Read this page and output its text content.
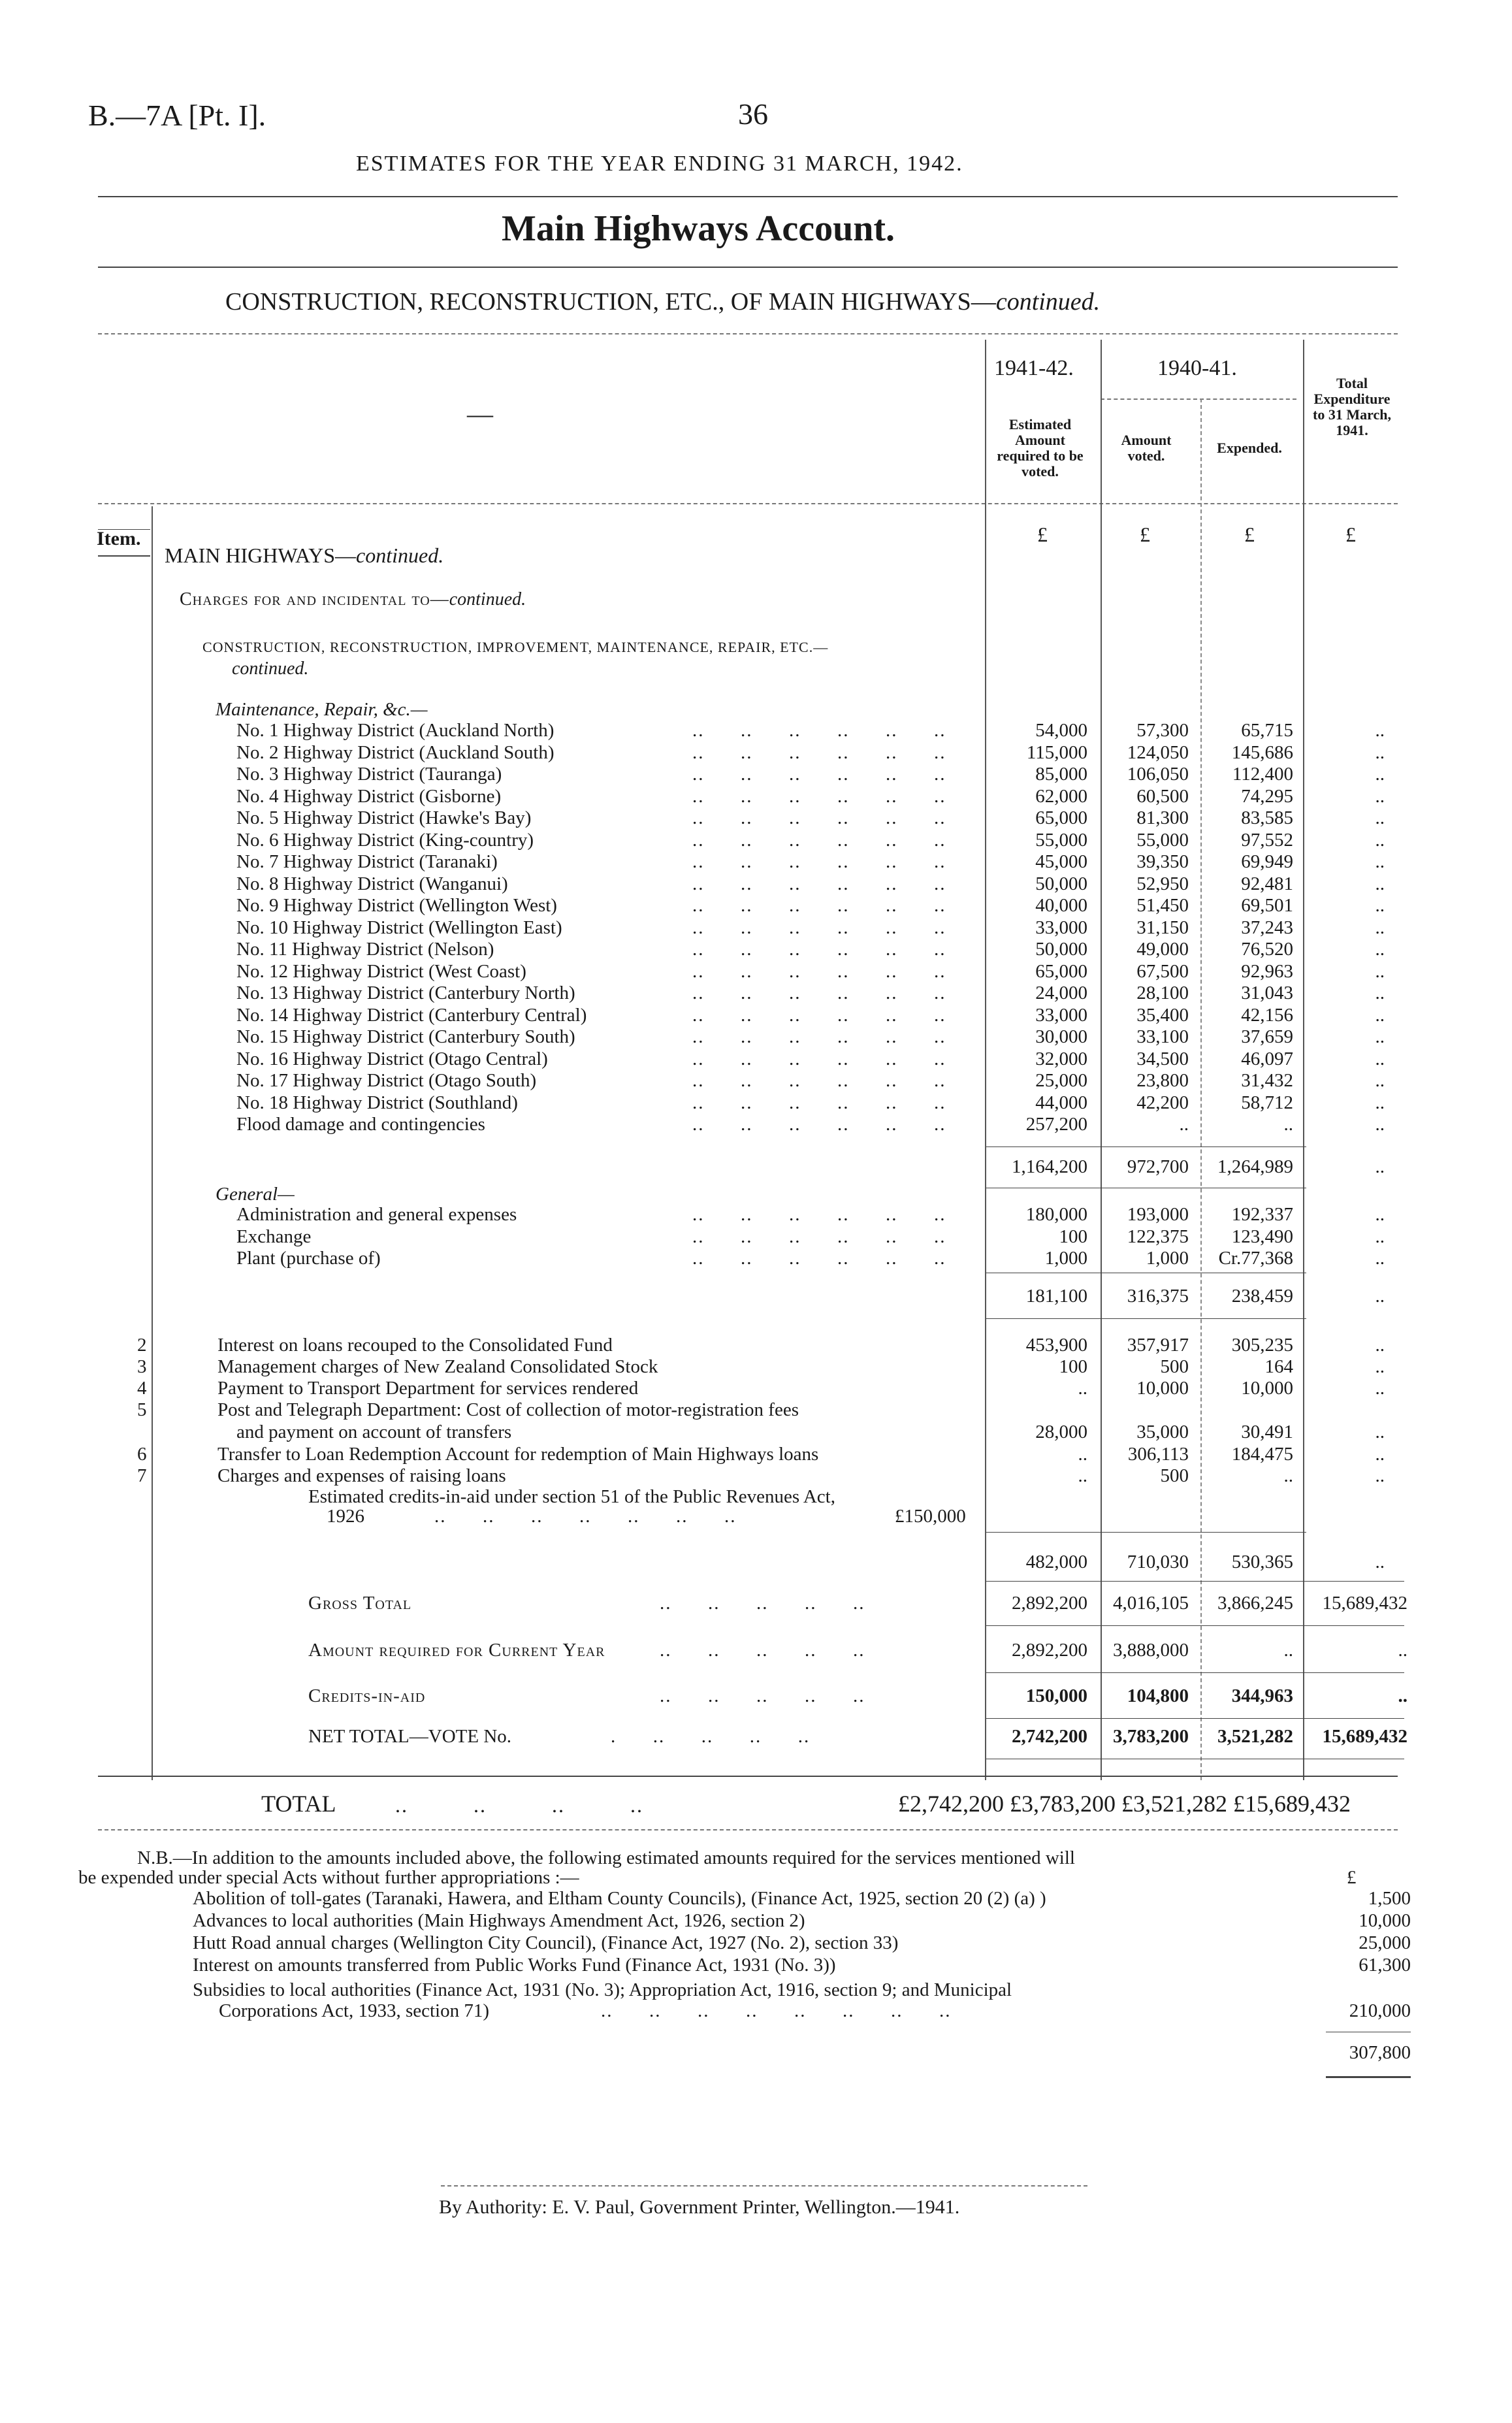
B.—7A [Pt. I].	36
ESTIMATES FOR THE YEAR ENDING 31 MARCH, 1942.
Main Highways Account.
CONSTRUCTION, RECONSTRUCTION, ETC., OF MAIN HIGHWAYS—continued.
—
1941-42.	1940-41.
Estimated Amount required to be voted.
Amount voted.	Expended.
Total Expenditure to 31 March, 1941.
Item.	£	£	£	£
MAIN HIGHWAYS—continued.
Charges for and incidental to—continued.
CONSTRUCTION, RECONSTRUCTION, IMPROVEMENT, MAINTENANCE, REPAIR, ETC.—
continued.
Maintenance, Repair, &c.—
No. 1 Highway District (Auckland North)	..      ..      ..      ..      ..      ..	54,000	57,300	65,715	..
No. 2 Highway District (Auckland South)	..      ..      ..      ..      ..      ..	115,000 124,050 145,686	..
No. 3 Highway District (Tauranga)	..      ..      ..      ..      ..      ..	85,000 106,050 112,400	..
No. 4 Highway District (Gisborne)	..      ..      ..      ..      ..      ..	62,000	60,500	74,295	..
No. 5 Highway District (Hawke's Bay)	..      ..      ..      ..      ..      ..	65,000	81,300	83,585	..
No. 6 Highway District (King-country)	..      ..      ..      ..      ..      ..	55,000	55,000	97,552	..
No. 7 Highway District (Taranaki)	..      ..      ..      ..      ..      ..	45,000	39,350	69,949	..
No. 8 Highway District (Wanganui)	..      ..      ..      ..      ..      ..	50,000	52,950	92,481	..
No. 9 Highway District (Wellington West)	..      ..      ..      ..      ..      ..	40,000	51,450	69,501	..
No. 10 Highway District (Wellington East)	..      ..      ..      ..      ..      ..	33,000	31,150	37,243	..
No. 11 Highway District (Nelson)	..      ..      ..      ..      ..      ..	50,000	49,000	76,520	..
No. 12 Highway District (West Coast)	..      ..      ..      ..      ..      ..	65,000	67,500	92,963	..
No. 13 Highway District (Canterbury North)	..      ..      ..      ..      ..      ..	24,000	28,100	31,043	..
No. 14 Highway District (Canterbury Central)	..      ..      ..      ..      ..      ..	33,000	35,400	42,156	..
No. 15 Highway District (Canterbury South)	..      ..      ..      ..      ..      ..	30,000	33,100	37,659	..
No. 16 Highway District (Otago Central)	..      ..      ..      ..      ..      ..	32,000	34,500	46,097	..
No. 17 Highway District (Otago South)	..      ..      ..      ..      ..      ..	25,000	23,800	31,432	..
No. 18 Highway District (Southland)	..      ..      ..      ..      ..      ..	44,000	42,200	58,712	..
Flood damage and contingencies	..      ..      ..      ..      ..      ..	257,200	..	..	..
1,164,200 972,700 1,264,989	..
General—
Administration and general expenses	..      ..      ..      ..      ..      ..	180,000 193,000 192,337	..
Exchange	..      ..      ..      ..      ..      ..	100 122,375 123,490	..
Plant (purchase of)	..      ..      ..      ..      ..      ..	1,000	1,000 Cr.77,368	..
181,100 316,375 238,459	..
2	Interest on loans recouped to the Consolidated Fund	453,900 357,917 305,235	..
3	Management charges of New Zealand Consolidated Stock	100	500	164	..
4	Payment to Transport Department for services rendered	..	10,000	10,000	..
5	Post and Telegraph Department: Cost of collection of motor-registration fees
and payment on account of transfers	28,000	35,000	30,491	..
6	Transfer to Loan Redemption Account for redemption of Main Highways loans	.. 306,113 184,475	..
7	Charges and expenses of raising loans	..	500	..	..
Estimated credits-in-aid under section 51 of the Public Revenues Act,
1926	..      ..      ..      ..      ..      ..      ..	£150,000
482,000 710,030 530,365	..
Gross Total	..      ..      ..      ..      ..	2,892,200 4,016,105 3,866,245 15,689,432
Amount required for Current Year	..      ..      ..      ..      ..	2,892,200 3,888,000	..	..
Credits-in-aid	..      ..      ..      ..      ..	150,000 104,800 344,963	..
NET TOTAL—VOTE No.	.      ..      ..      ..      ..	2,742,200 3,783,200 3,521,282 15,689,432
TOTAL	..          ..          ..          ..	£2,742,200 £3,783,200 £3,521,282 £15,689,432
N.B.—In addition to the amounts included above, the following estimated amounts required for the services mentioned will
be expended under special Acts without further appropriations :—	£
Abolition of toll-gates (Taranaki, Hawera, and Eltham County Councils), (Finance Act, 1925, section 20 (2) (a) )	1,500
Advances to local authorities (Main Highways Amendment Act, 1926, section 2)	10,000
Hutt Road annual charges (Wellington City Council), (Finance Act, 1927 (No. 2), section 33)	25,000
Interest on amounts transferred from Public Works Fund (Finance Act, 1931 (No. 3))	61,300
Subsidies to local authorities (Finance Act, 1931 (No. 3); Appropriation Act, 1916, section 9; and Municipal
Corporations Act, 1933, section 71)	..      ..      ..      ..      ..      ..      ..      ..	210,000
307,800
By Authority: E. V. Paul, Government Printer, Wellington.—1941.
